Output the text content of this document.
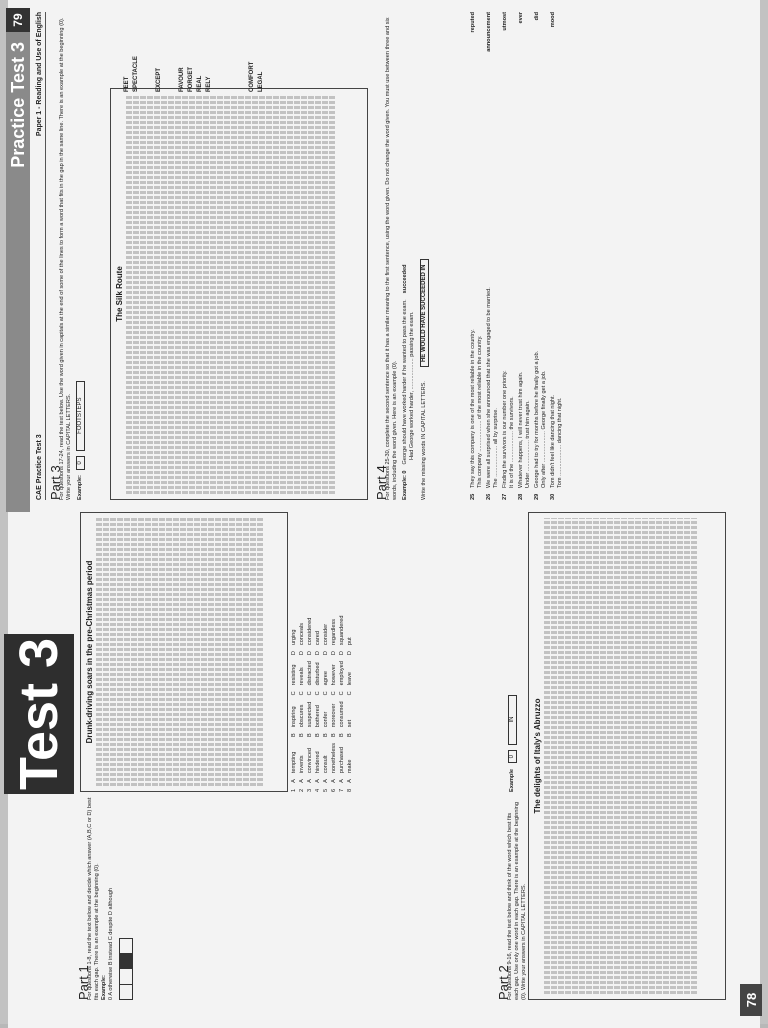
Test 3
Part 1
For questions 1-8, read the text below and decide which answer (A,B,C or D) best fits each gap. There is an example at the beginning (0). Example: 0 A otherwise B instead C despite D although
Drunk-driving soars in the pre-Christmas period
1	A	tempting	B	inspiring	C	resisting	D	urging
2	A	invents	B	obscures	C	reveals	D	conceals
3	A	convinced	B	suspected	C	distracted	D	considered
4	A	hindered	B	bothered	C	disturbed	D	cared
5	A	consult	B	confer	C	agree	D	consider
6	A	nonetheless	B	moreover	C	however	D	regardless
7	A	purchased	B	consumed	C	employed	D	squandered
8	A	make	B	set	C	leave	D	put
Part 2
For questions 9-16, read the text below and think of the word which best fits each gap. Use only one word in each gap. There is an example at the beginning (0). Write your answers in CAPITAL LETTERS.
Example 0 IN The delights of Italy's Abruzzo
78
Practice Test 3
79
CAE Practice Test 3
Paper 1 - Reading and Use of English
Part 3
For questions 17-24, read the text below. Use the word given in capitals at the end of some of the lines to form a word that fits in the gap in the same line. There is an example at the beginning (0). Write your answers in CAPITAL LETTERS. Example: 0 FOOTSTEPS
The Silk Route
FEET SPECTACLE	EXCEPT	FAVOUR FORGET REAL RELY	COMFORT LEGAL
Part 4
For questions 25-30, complete the second sentence so that it has a similar meaning to the first sentence, using the word given. Do not change the word given. You must use between three and six words, including the word given. Here is an example (0). Example: 0
George should have worked harder if he wanted to pass the exam.
succeeded
Had George worked harder, .................... passing the exam. Write the missing words IN CAPITAL LETTERS.
HE WOULD HAVE SUCCEEDED IN
25
They say this company is one of the most reliable in the country.
This company .................... of the most reliable in the country.
reputed
26
We were all surprised when she announced that she was engaged to be married.
The .................... all by surprise.
announcement
27
Finding the survivors is our number one priority.
It is of the .................... the survivors.
utmost
28
Whatever happens, I will never trust him again.
Under .................... trust him again.
ever
29
George had to try for months before he finally got a job.
Only after .................... George finally get a job.
did
30
Tom didn't feel like dancing that night.
Tom .................... dancing that night.
mood
